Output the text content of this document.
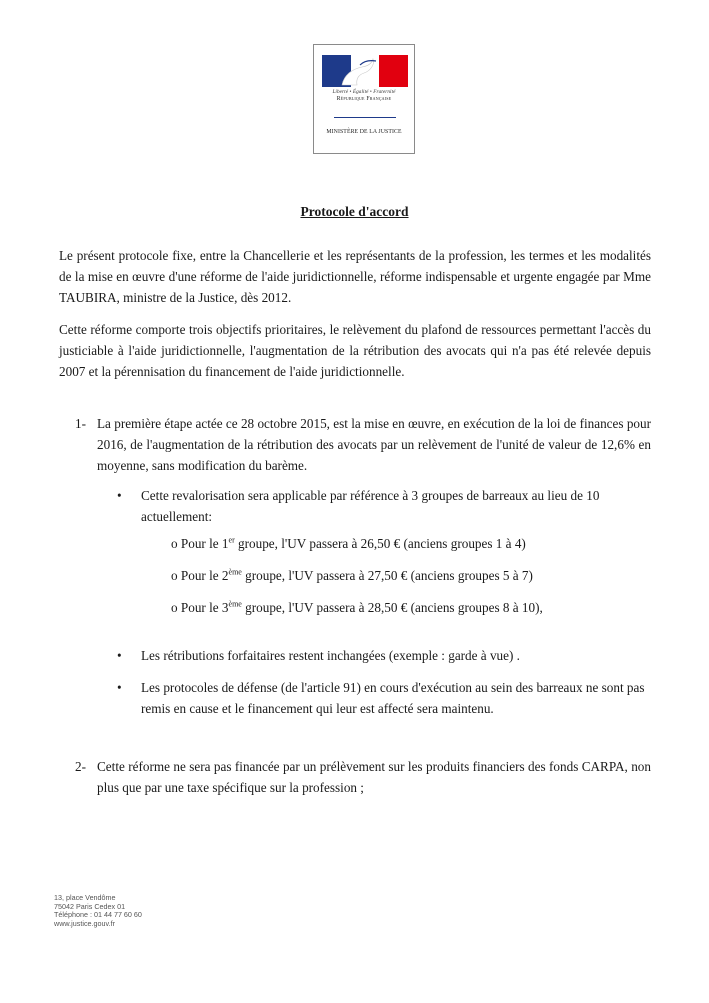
Liberté • Égalité • Fraternité
République Française
MINISTÈRE DE LA JUSTICE
Protocole d'accord

Le présent protocole fixe, entre la Chancellerie et les représentants de la profession, les termes et les modalités de la mise en œuvre d'une réforme de l'aide juridictionnelle, réforme indispensable et urgente engagée par Mme TAUBIRA, ministre de la Justice, dès 2012.

Cette réforme comporte trois objectifs prioritaires, le relèvement du plafond de ressources permettant l'accès du justiciable à l'aide juridictionnelle, l'augmentation de la rétribution des avocats qui n'a pas été relevée depuis 2007 et la pérennisation du financement de l'aide juridictionnelle.

1- La première étape actée ce 28 octobre 2015, est la mise en œuvre, en exécution de la loi de finances pour 2016, de l'augmentation de la rétribution des avocats par un relèvement de l'unité de valeur de 12,6% en moyenne, sans modification du barème.
• Cette revalorisation sera applicable par référence à 3 groupes de barreaux au lieu de 10 actuellement:
o Pour le 1er groupe, l'UV passera à 26,50 € (anciens groupes 1 à 4)
o Pour le 2ème groupe, l'UV passera à 27,50 € (anciens groupes 5 à 7)
o Pour le 3ème groupe, l'UV passera à 28,50 € (anciens groupes 8 à 10),
• Les rétributions forfaitaires restent inchangées (exemple : garde à vue) .
• Les protocoles de défense (de l'article 91) en cours d'exécution au sein des barreaux ne sont pas remis en cause et le financement qui leur est affecté sera maintenu.
2- Cette réforme ne sera pas financée par un prélèvement sur les produits financiers des fonds CARPA, non plus que par une taxe spécifique sur la profession ;
13, place Vendôme
75042 Paris Cedex 01
Téléphone : 01 44 77 60 60
www.justice.gouv.fr
